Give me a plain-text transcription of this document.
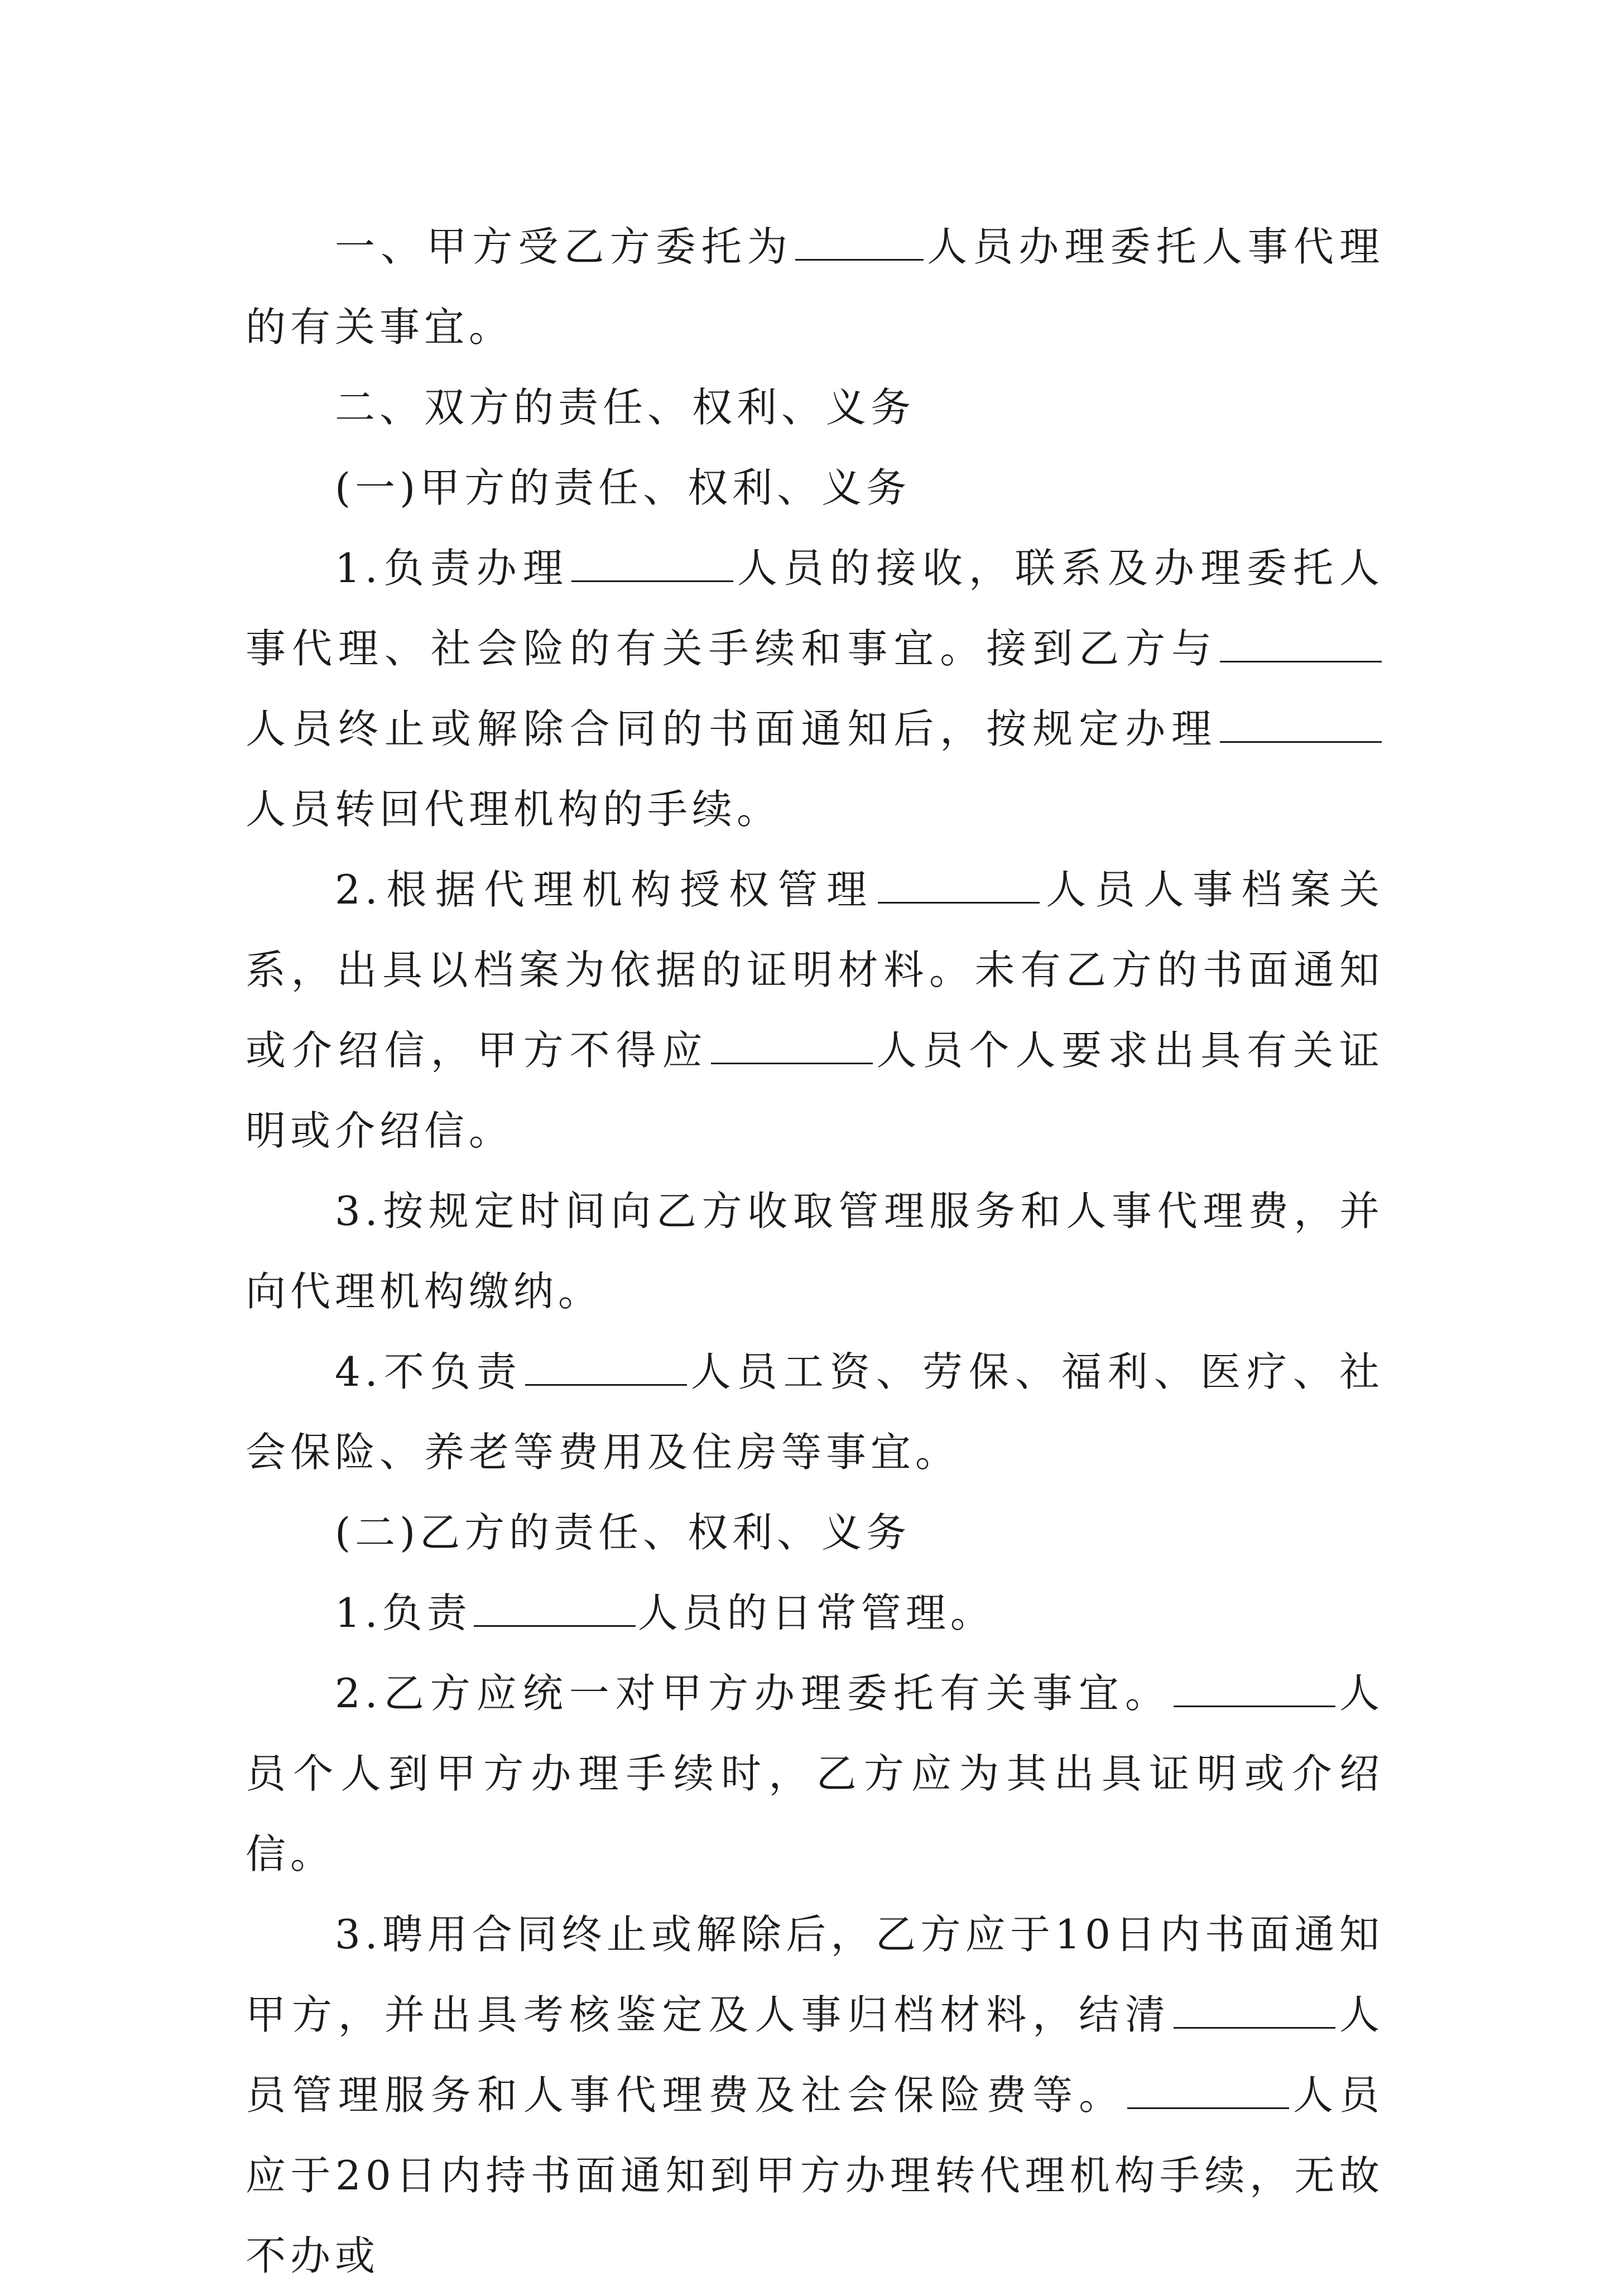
一、甲方受乙方委托为	人员办理委托人事代理的有关事宜。

二、双方的责任、权利、义务

(一)甲方的责任、权利、义务

1.负责办理	人员的接收，联系及办理委托人事代理、社会险的有关手续和事宜。接到乙方与人员终止或解除合同的书面通知后，按规定办理人员转回代理机构的手续。

2.根据代理机构授权管理	人员人事档案关系，出具以档案为依据的证明材料。未有乙方的书面通知或介绍信，甲方不得应	人员个人要求出具有关证明或介绍信。

3.按规定时间向乙方收取管理服务和人事代理费，并向代理机构缴纳。

4.不负责	人员工资、劳保、福利、医疗、社会保险、养老等费用及住房等事宜。

(二)乙方的责任、权利、义务

1.负责	人员的日常管理。

2.乙方应统一对甲方办理委托有关事宜。	人员个人到甲方办理手续时，乙方应为其出具证明或介绍信。

3.聘用合同终止或解除后，乙方应于10日内书面通知甲方，并出具考核鉴定及人事归档材料，结清	人员管理服务和人事代理费及社会保险费等。	人员应于20日内持书面通知到甲方办理转代理机构手续，无故不办或
